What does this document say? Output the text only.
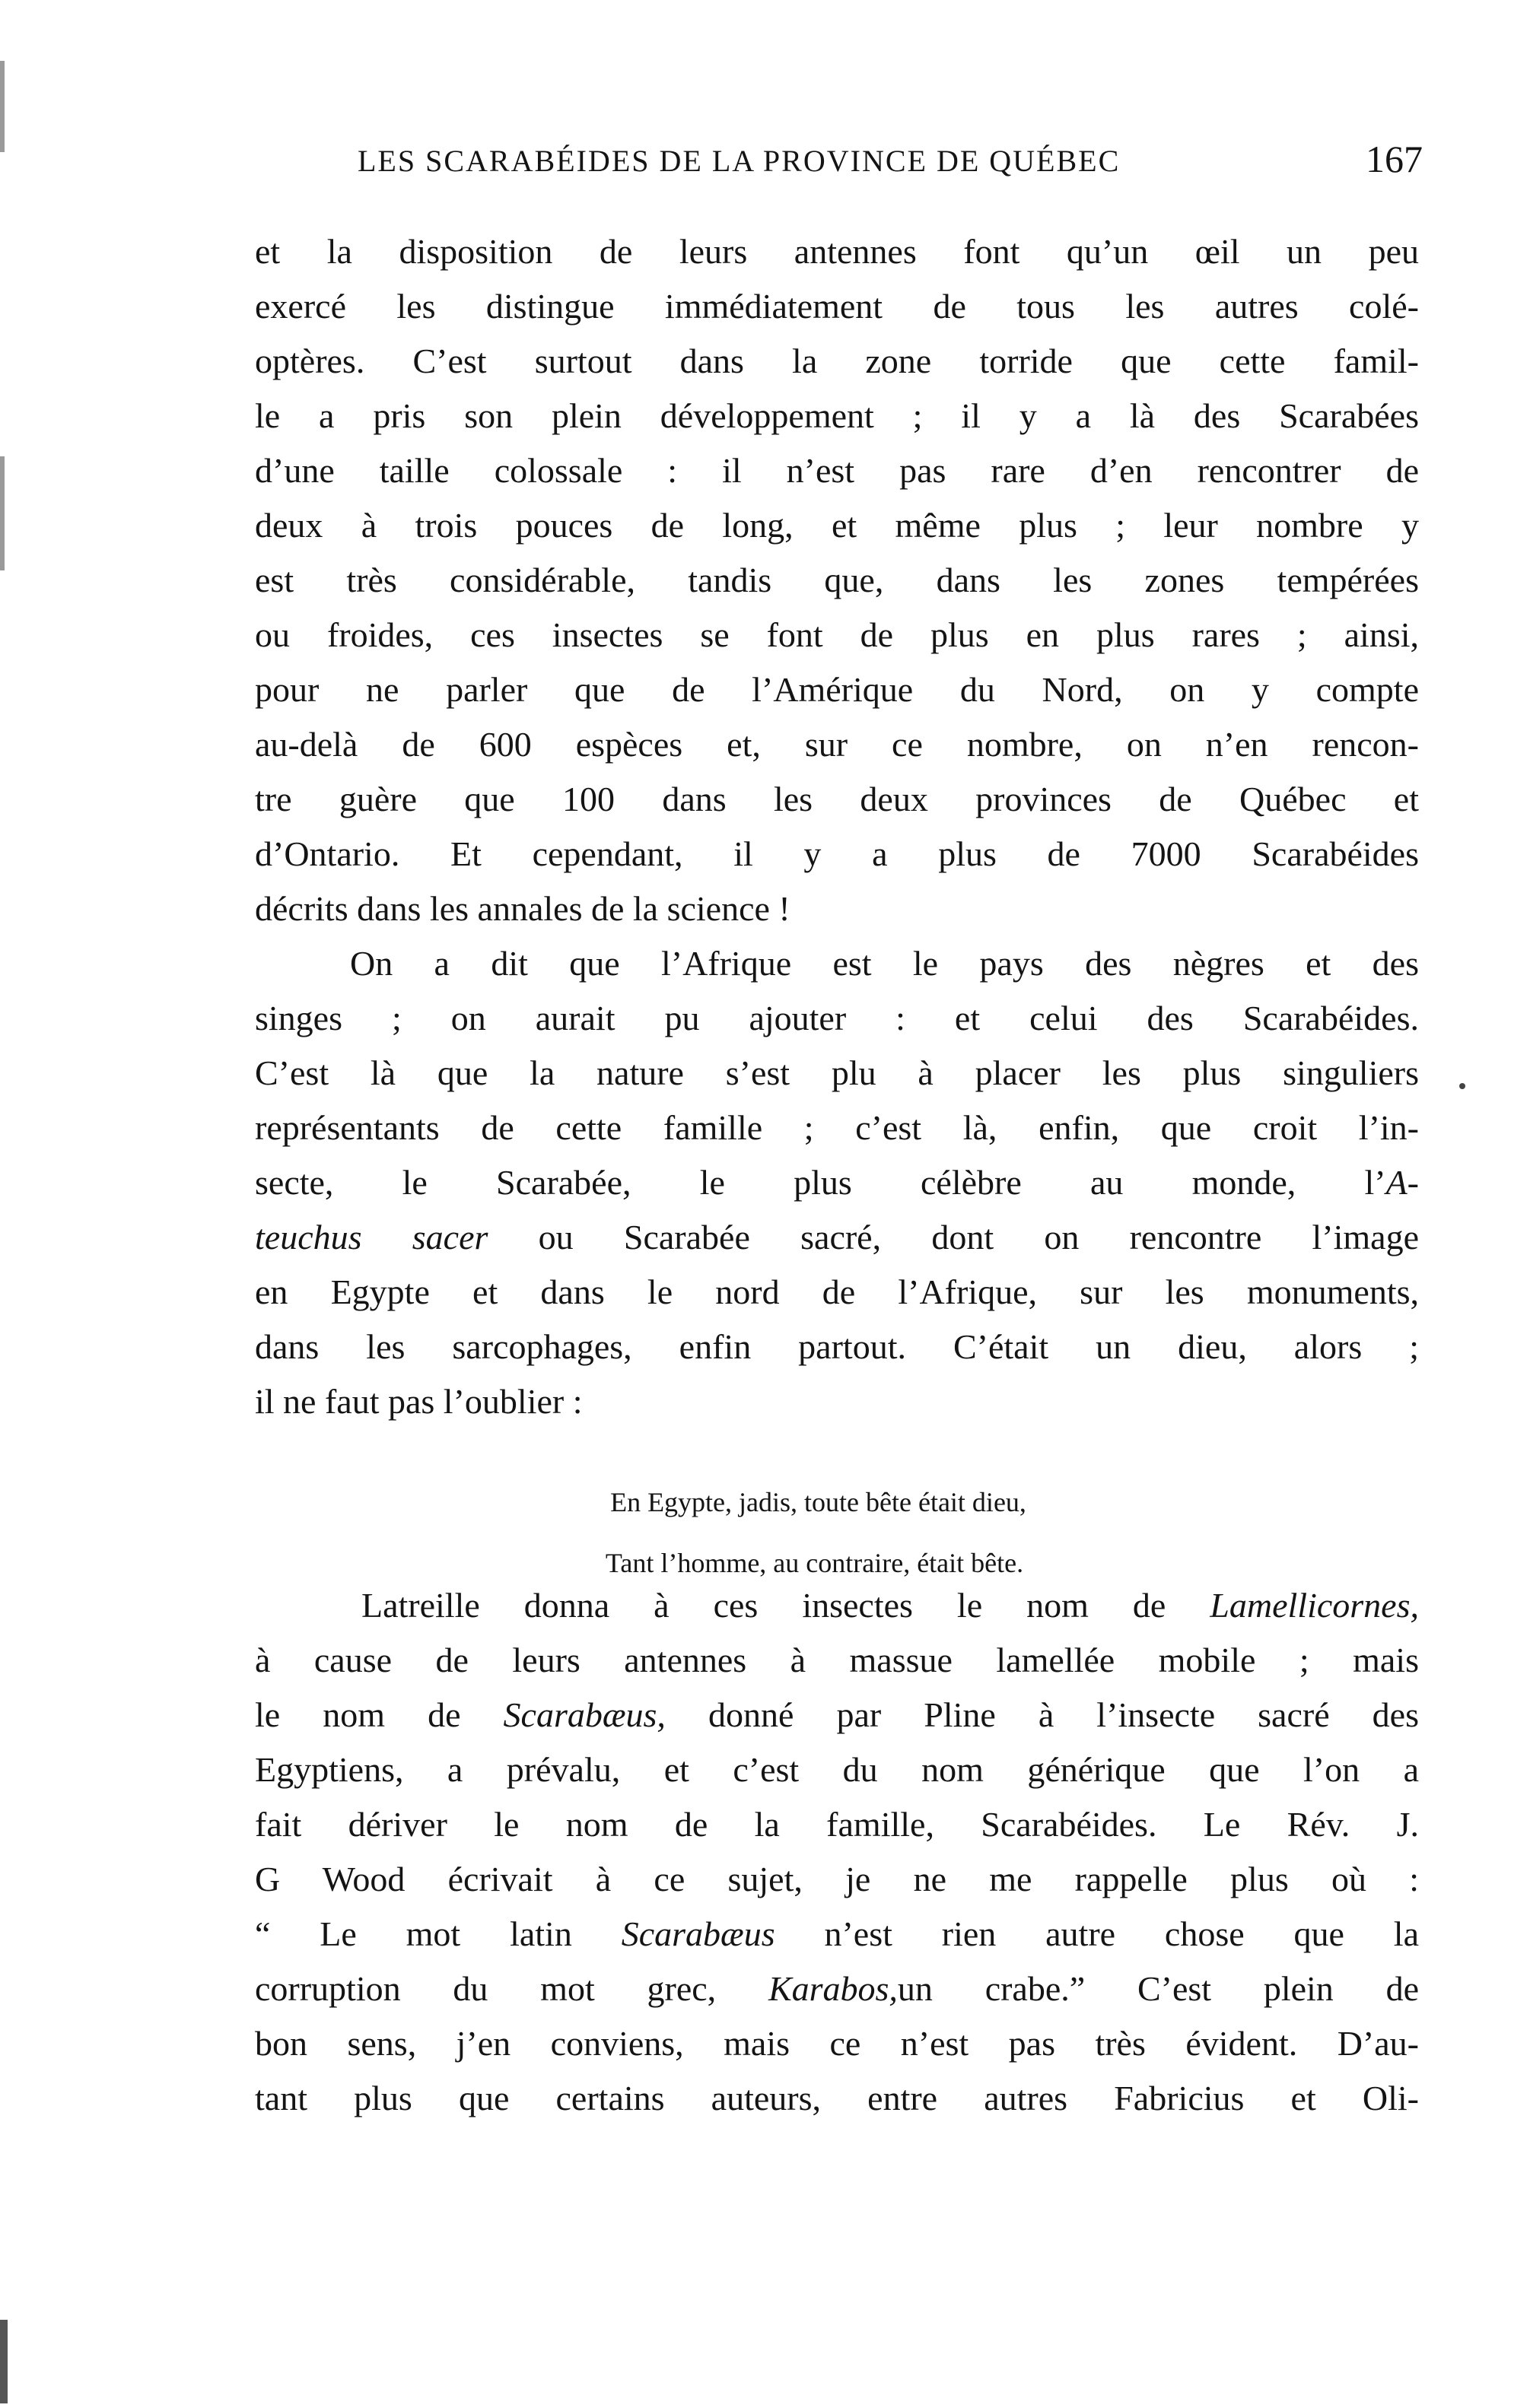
LES SCARABÉIDES DE LA PROVINCE DE QUÉBEC	167
et la disposition de leurs antennes font qu’un œil un peu
exercé les distingue immédiatement de tous les autres colé-
optères. C’est surtout dans la zone torride que cette famil-
le a pris son plein développement ; il y a là des Scarabées
d’une taille colossale : il n’est pas rare d’en rencontrer de
deux à trois pouces de long, et même plus ; leur nombre y
est très considérable, tandis que, dans les zones tempérées
ou froides, ces insectes se font de plus en plus rares ; ainsi,
pour ne parler que de l’Amérique du Nord, on y compte
au-delà de 600 espèces et, sur ce nombre, on n’en rencon-
tre guère que 100 dans les deux provinces de Québec et
d’Ontario. Et cependant, il y a plus de 7000 Scarabéides
décrits dans les annales de la science !
On a dit que l’Afrique est le pays des nègres et des
singes ; on aurait pu ajouter : et celui des Scarabéides.
C’est là que la nature s’est plu à placer les plus singuliers
représentants de cette famille ; c’est là, enfin, que croit l’in-
secte, le Scarabée, le plus célèbre au monde, l’A-
teuchus sacer ou Scarabée sacré, dont on rencontre l’image
en Egypte et dans le nord de l’Afrique, sur les monuments,
dans les sarcophages, enfin partout. C’était un dieu, alors ;
il ne faut pas l’oublier :
Latreille donna à ces insectes le nom de Lamellicornes,
à cause de leurs antennes à massue lamellée mobile ; mais
le nom de Scarabæus, donné par Pline à l’insecte sacré des
Egyptiens, a prévalu, et c’est du nom générique que l’on a
fait dériver le nom de la famille, Scarabéides. Le Rév. J.
G Wood écrivait à ce sujet, je ne me rappelle plus où :
“ Le mot latin Scarabæus n’est rien autre chose que la
corruption du mot grec, Karabos,un crabe.” C’est plein de
bon sens, j’en conviens, mais ce n’est pas très évident. D’au-
tant plus que certains auteurs, entre autres Fabricius et Oli-
En Egypte, jadis, toute bête était dieu,
Tant l’homme, au contraire, était bête.
